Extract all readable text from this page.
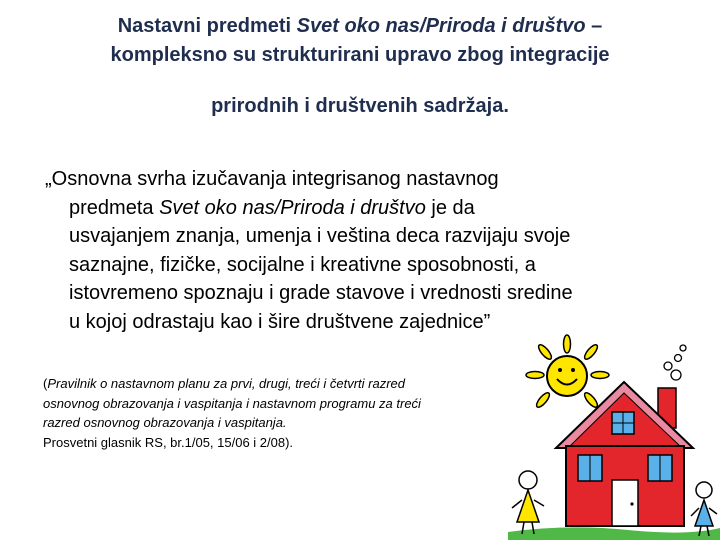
Nastavni predmeti Svet oko nas/Priroda i društvo –
kompleksno su strukturirani upravo zbog integracije
prirodnih i društvenih sadržaja.
„Osnovna svrha izučavanja integrisanog nastavnog
predmeta Svet oko nas/Priroda i društvo je da
usvajanjem znanja, umenja i veština deca razvijaju svoje
saznajne, fizičke, socijalne i kreativne sposobnosti, a
istovremeno spoznaju i grade stavove i vrednosti sredine
u kojoj odrastaju kao i šire društvene zajednice”
(Pravilnik o nastavnom planu za prvi, drugi, treći i četvrti razred
osnovnog obrazovanja i vaspitanja i nastavnom programu za treći
razred osnovnog obrazovanja i vaspitanja.
Prosvetni glasnik RS, br.1/05, 15/06 i 2/08).
